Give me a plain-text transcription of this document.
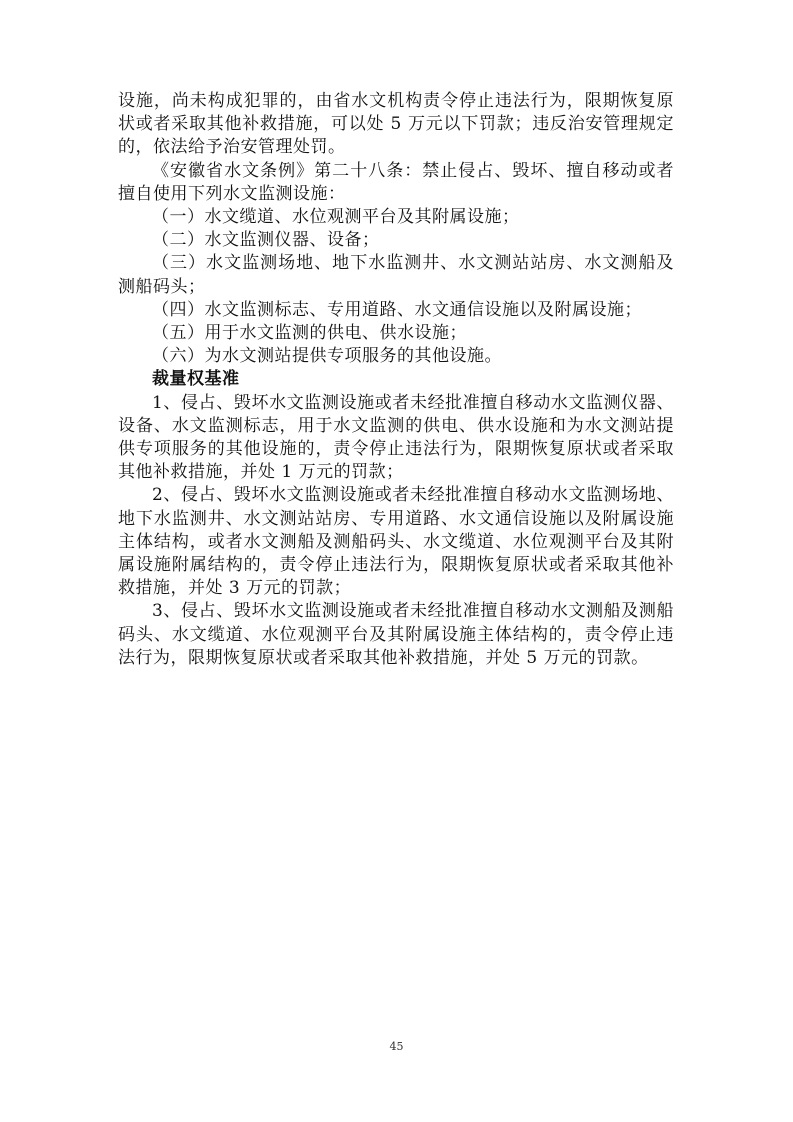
设施，尚未构成犯罪的，由省水文机构责令停止违法行为，限期恢复原状或者采取其他补救措施，可以处 5 万元以下罚款；违反治安管理规定的，依法给予治安管理处罚。

《安徽省水文条例》第二十八条：禁止侵占、毁坏、擅自移动或者擅自使用下列水文监测设施：

（一）水文缆道、水位观测平台及其附属设施；

（二）水文监测仪器、设备；

（三）水文监测场地、地下水监测井、水文测站站房、水文测船及测船码头；

（四）水文监测标志、专用道路、水文通信设施以及附属设施；

（五）用于水文监测的供电、供水设施；

（六）为水文测站提供专项服务的其他设施。

裁量权基准

1、侵占、毁坏水文监测设施或者未经批准擅自移动水文监测仪器、设备、水文监测标志，用于水文监测的供电、供水设施和为水文测站提供专项服务的其他设施的，责令停止违法行为，限期恢复原状或者采取其他补救措施，并处 1 万元的罚款；

2、侵占、毁坏水文监测设施或者未经批准擅自移动水文监测场地、地下水监测井、水文测站站房、专用道路、水文通信设施以及附属设施主体结构，或者水文测船及测船码头、水文缆道、水位观测平台及其附属设施附属结构的，责令停止违法行为，限期恢复原状或者采取其他补救措施，并处 3 万元的罚款；

3、侵占、毁坏水文监测设施或者未经批准擅自移动水文测船及测船码头、水文缆道、水位观测平台及其附属设施主体结构的，责令停止违法行为，限期恢复原状或者采取其他补救措施，并处 5 万元的罚款。

45
